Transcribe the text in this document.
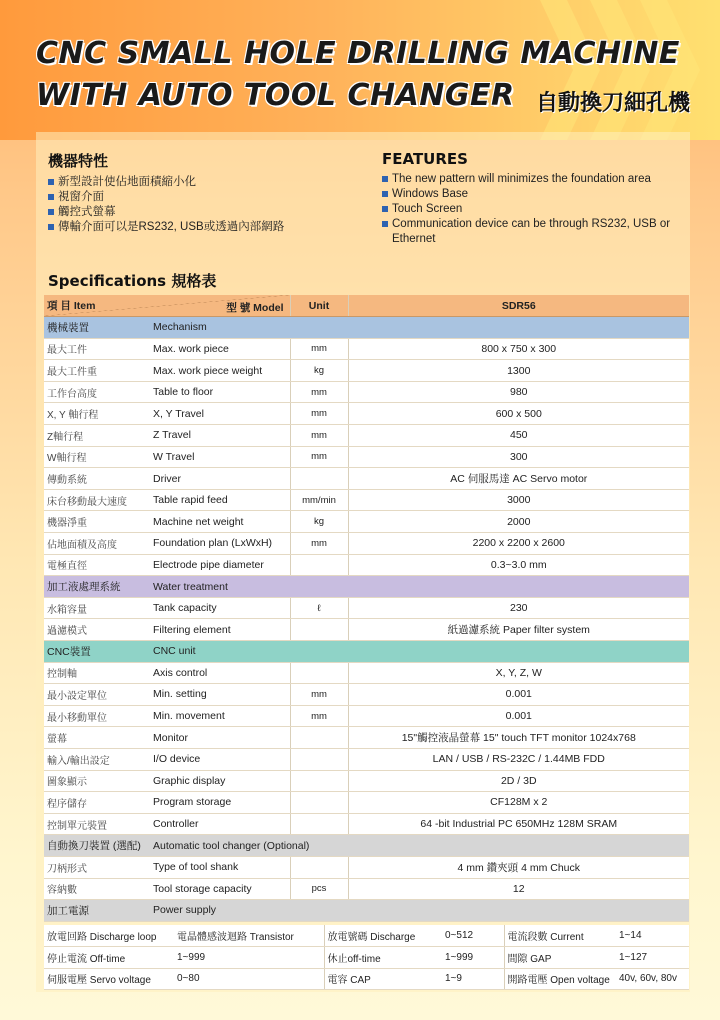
CNC SMALL HOLE DRILLING MACHINE
WITH AUTO TOOL CHANGER 自動換刀細孔機
機器特性
新型設計使佔地面積縮小化
視窗介面
觸控式螢幕
傳輸介面可以是RS232, USB或透過內部網路
FEATURES
The new pattern will minimizes the foundation area
Windows Base
Touch Screen
Communication device can be through RS232, USB or Ethernet
Specifications 規格表
項 目 Item 型 號 Model		Unit	SDR56
機械裝置	Mechanism		
最大工件	Max. work piece	mm	800 x 750 x 300
最大工件重	Max. work piece weight	kg	1300
工作台高度	Table to floor	mm	980
X, Y 軸行程	X, Y Travel	mm	600 x 500
Z軸行程	Z Travel	mm	450
W軸行程	W Travel	mm	300
傳動系統	Driver		AC 伺服馬達 AC Servo motor
床台移動最大速度	Table rapid feed	mm/min	3000
機器淨重	Machine net weight	kg	2000
佔地面積及高度	Foundation plan (LxWxH)	mm	2200 x 2200 x 2600
電極直徑	Electrode pipe diameter		0.3~3.0 mm
加工液處理系統	Water treatment		
水箱容量	Tank capacity	ℓ	230
過濾模式	Filtering element		紙過濾系統 Paper filter system
CNC裝置	CNC unit		
控制軸	Axis control		X, Y, Z, W
最小設定單位	Min. setting	mm	0.001
最小移動單位	Min. movement	mm	0.001
螢幕	Monitor		15"觸控液晶螢幕 15" touch TFT monitor 1024x768
輸入/輸出設定	I/O device		LAN / USB / RS-232C / 1.44MB FDD
圖象顯示	Graphic display		2D / 3D
程序儲存	Program storage		CF128M x 2
控制單元裝置	Controller		64 -bit Industrial PC 650MHz 128M SRAM
自動換刀裝置 (選配)	Automatic tool changer (Optional)		
刀柄形式	Type of tool shank		4 mm 鑽夾頭 4 mm Chuck
容納數	Tool storage capacity	pcs	12
加工電源	Power supply		
放電回路 Discharge loop	電晶體感波迴路 Transistor	放電號碼 Discharge	0~512	電流段數 Current	1~14
停止電流 Off-time	1~999	休止off-time	1~999	間隙 GAP	1~127
伺服電壓 Servo voltage	0~80	電容 CAP	1~9	開路電壓 Open voltage	40v, 60v, 80v
